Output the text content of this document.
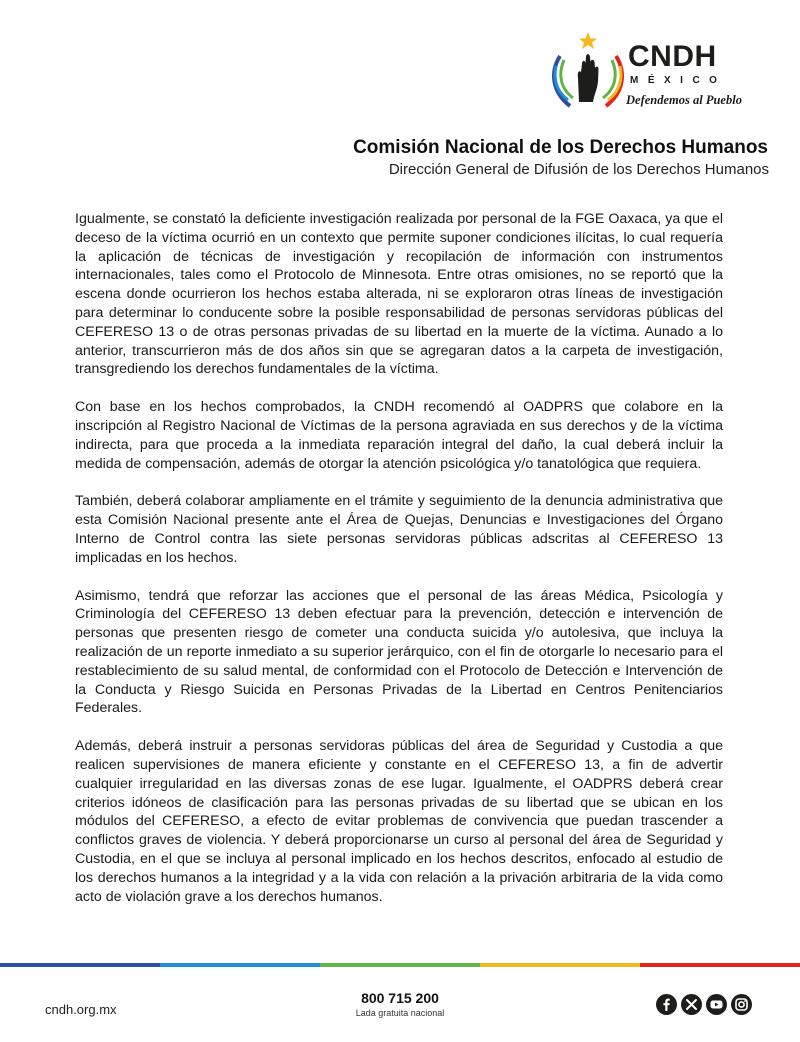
CNDH
MÉXICO
Defendemos al Pueblo
Comisión Nacional de los Derechos Humanos
Dirección General de Difusión de los Derechos Humanos

Igualmente, se constató la deficiente investigación realizada por personal de la FGE Oaxaca, ya que el deceso de la víctima ocurrió en un contexto que permite suponer condiciones ilícitas, lo cual requería la aplicación de técnicas de investigación y recopilación de información con instrumentos internacionales, tales como el Protocolo de Minnesota. Entre otras omisiones, no se reportó que la escena donde ocurrieron los hechos estaba alterada, ni se exploraron otras líneas de investigación para determinar lo conducente sobre la posible responsabilidad de personas servidoras públicas del CEFERESO 13 o de otras personas privadas de su libertad en la muerte de la víctima. Aunado a lo anterior, transcurrieron más de dos años sin que se agregaran datos a la carpeta de investigación, transgrediendo los derechos fundamentales de la víctima.

Con base en los hechos comprobados, la CNDH recomendó al OADPRS que colabore en la inscripción al Registro Nacional de Víctimas de la persona agraviada en sus derechos y de la víctima indirecta, para que proceda a la inmediata reparación integral del daño, la cual deberá incluir la medida de compensación, además de otorgar la atención psicológica y/o tanatológica que requiera.

También, deberá colaborar ampliamente en el trámite y seguimiento de la denuncia administrativa que esta Comisión Nacional presente ante el Área de Quejas, Denuncias e Investigaciones del Órgano Interno de Control contra las siete personas servidoras públicas adscritas al CEFERESO 13 implicadas en los hechos.

Asimismo, tendrá que reforzar las acciones que el personal de las áreas Médica, Psicología y Criminología del CEFERESO 13 deben efectuar para la prevención, detección e intervención de personas que presenten riesgo de cometer una conducta suicida y/o autolesiva, que incluya la realización de un reporte inmediato a su superior jerárquico, con el fin de otorgarle lo necesario para el restablecimiento de su salud mental, de conformidad con el Protocolo de Detección e Intervención de la Conducta y Riesgo Suicida en Personas Privadas de la Libertad en Centros Penitenciarios Federales.

Además, deberá instruir a personas servidoras públicas del área de Seguridad y Custodia a que realicen supervisiones de manera eficiente y constante en el CEFERESO 13, a fin de advertir cualquier irregularidad en las diversas zonas de ese lugar. Igualmente, el OADPRS deberá crear criterios idóneos de clasificación para las personas privadas de su libertad que se ubican en los módulos del CEFERESO, a efecto de evitar problemas de convivencia que puedan trascender a conflictos graves de violencia. Y deberá proporcionarse un curso al personal del área de Seguridad y Custodia, en el que se incluya al personal implicado en los hechos descritos, enfocado al estudio de los derechos humanos a la integridad y a la vida con relación a la privación arbitraria de la vida como acto de violación grave a los derechos humanos.

cndh.org.mx
800 715 200
Lada gratuita nacional
